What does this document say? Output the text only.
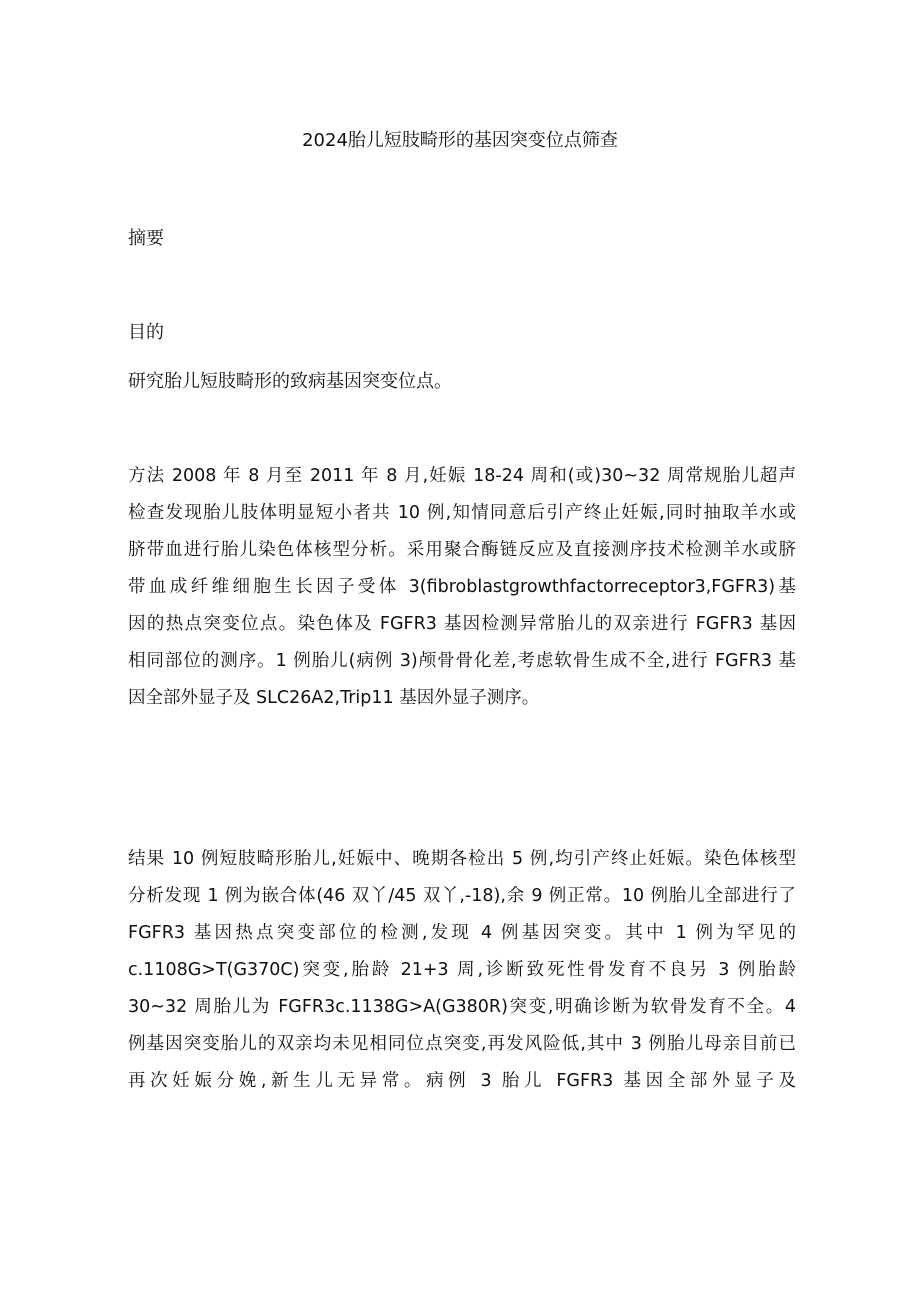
2024胎儿短肢畸形的基因突变位点筛查
摘要
目的
研究胎儿短肢畸形的致病基因突变位点。
方法 2008 年 8 月至 2011 年 8 月,妊娠 18-24 周和(或)30~32 周常规胎儿超声
检查发现胎儿肢体明显短小者共 10 例,知情同意后引产终止妊娠,同时抽取羊水或
脐带血进行胎儿染色体核型分析。采用聚合酶链反应及直接测序技术检测羊水或脐
带血成纤维细胞生长因子受体 3(fibroblastgrowthfactorreceptor3,FGFR3)基
因的热点突变位点。染色体及 FGFR3 基因检测异常胎儿的双亲进行 FGFR3 基因
相同部位的测序。1 例胎儿(病例 3)颅骨骨化差,考虑软骨生成不全,进行 FGFR3 基
因全部外显子及 SLC26A2,Trip11 基因外显子测序。
结果 10 例短肢畸形胎儿,妊娠中、晚期各检出 5 例,均引产终止妊娠。染色体核型
分析发现 1 例为嵌合体(46 双丫/45 双丫,-18),余 9 例正常。10 例胎儿全部进行了
FGFR3 基因热点突变部位的检测,发现 4 例基因突变。其中 1 例为罕见的
c.1108G>T(G370C)突变,胎龄 21+3 周,诊断致死性骨发育不良另 3 例胎龄
30~32 周胎儿为 FGFR3c.1138G>A(G380R)突变,明确诊断为软骨发育不全。4
例基因突变胎儿的双亲均未见相同位点突变,再发风险低,其中 3 例胎儿母亲目前已
再次妊娠分娩,新生儿无异常。病例 3 胎儿 FGFR3 基因全部外显子及
